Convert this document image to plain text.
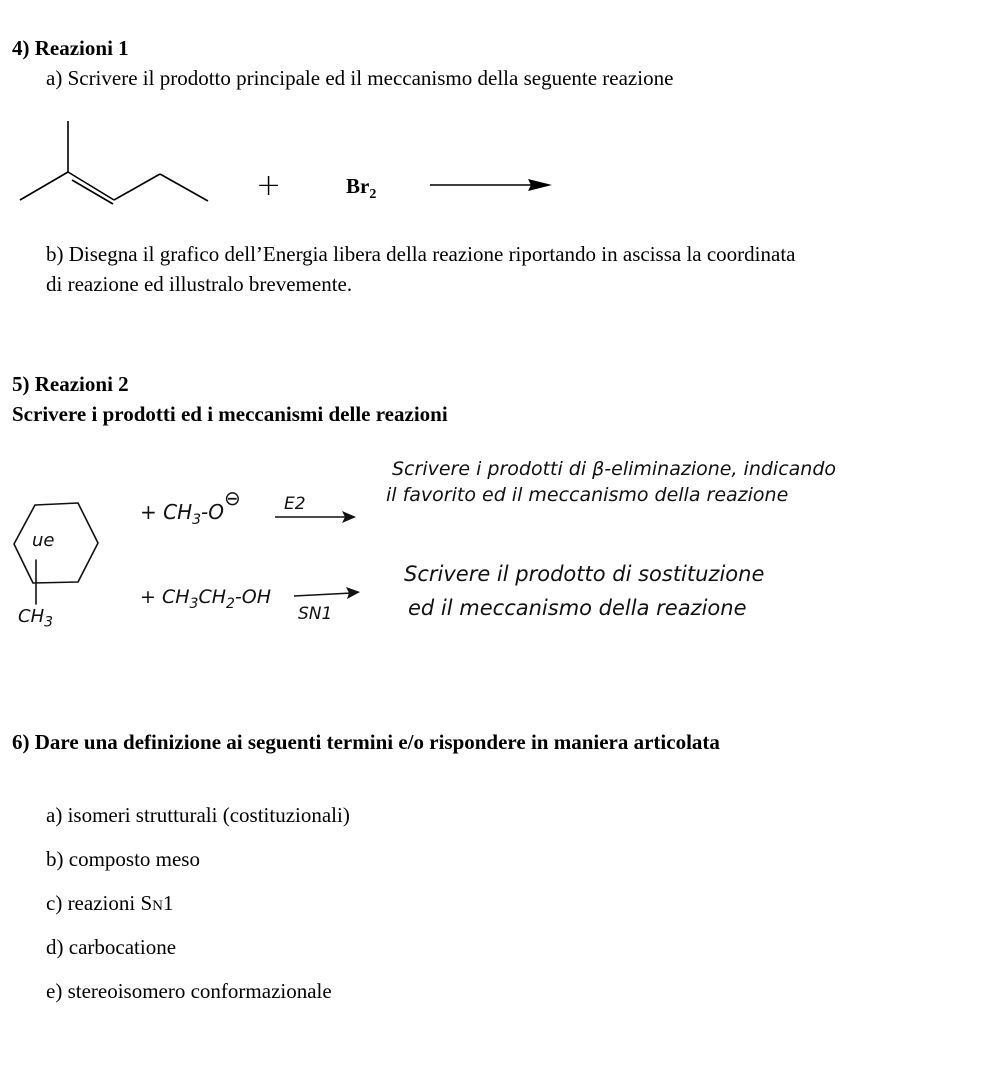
4) Reazioni 1
a) Scrivere il prodotto principale ed il meccanismo della seguente reazione
+	$Br_2$
b) Disegna il grafico dell’Energia libera della reazione riportando in ascissa la coordinata
di reazione ed illustralo brevemente.
5) Reazioni 2
Scrivere i prodotti ed i meccanismi delle reazioni
ue
$CH_3$
+ $CH_3-O⊖$	E2
+ $CH_3CH_2-OH$
SN1
Scrivere i prodotti di β-eliminazione, indicando
il favorito ed il meccanismo della reazione
Scrivere il prodotto di sostituzione
ed il meccanismo della reazione
6) Dare una definizione ai seguenti termini e/o rispondere in maniera articolata
a) isomeri strutturali (costituzionali)
b) composto meso
c) reazioni SN1
d) carbocatione
e) stereoisomero conformazionale
